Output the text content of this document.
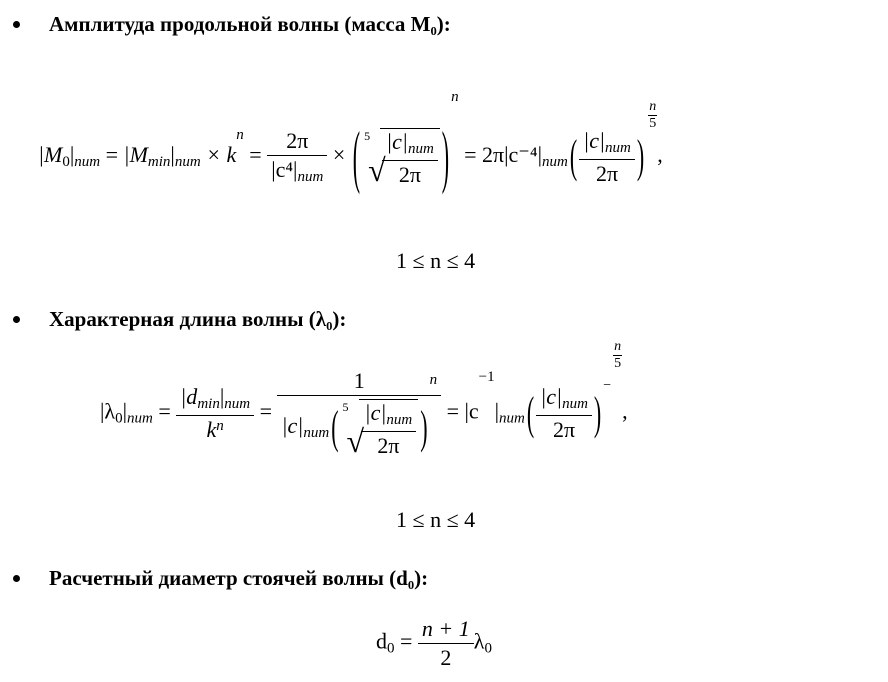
Амплитуда продольной волны (масса M₀):
$|M_0|_{num} = |M_{min}|_{num} \times k^n = \frac{2\pi}{|c^4|_{num}}$ × ( 5
√
$\frac{|c|_{num}}{2\pi} )^n = 2\pi|c^{-4}|_{num}( \frac{|c|_{num}}{2\pi}$ )
$\frac{n}{5}$
,
1 ≤ n ≤ 4
Характерная длина волны (λ₀):
$|\lambda_0|_{num} = \frac{|d_{min}|_{num}}{k^n} = 1$
$|c|_{num}$( 5
√
$\frac{|c|_{num}}{2\pi} )^n = |c^{-1}|_{num}( \frac{|c|_{num}}{2\pi} )^-$
$\frac{n}{5}$
,
1 ≤ n ≤ 4
Расчетный диаметр стоячей волны (d₀):
$d_0 = \frac{n + 1}{2} \lambda_0$
